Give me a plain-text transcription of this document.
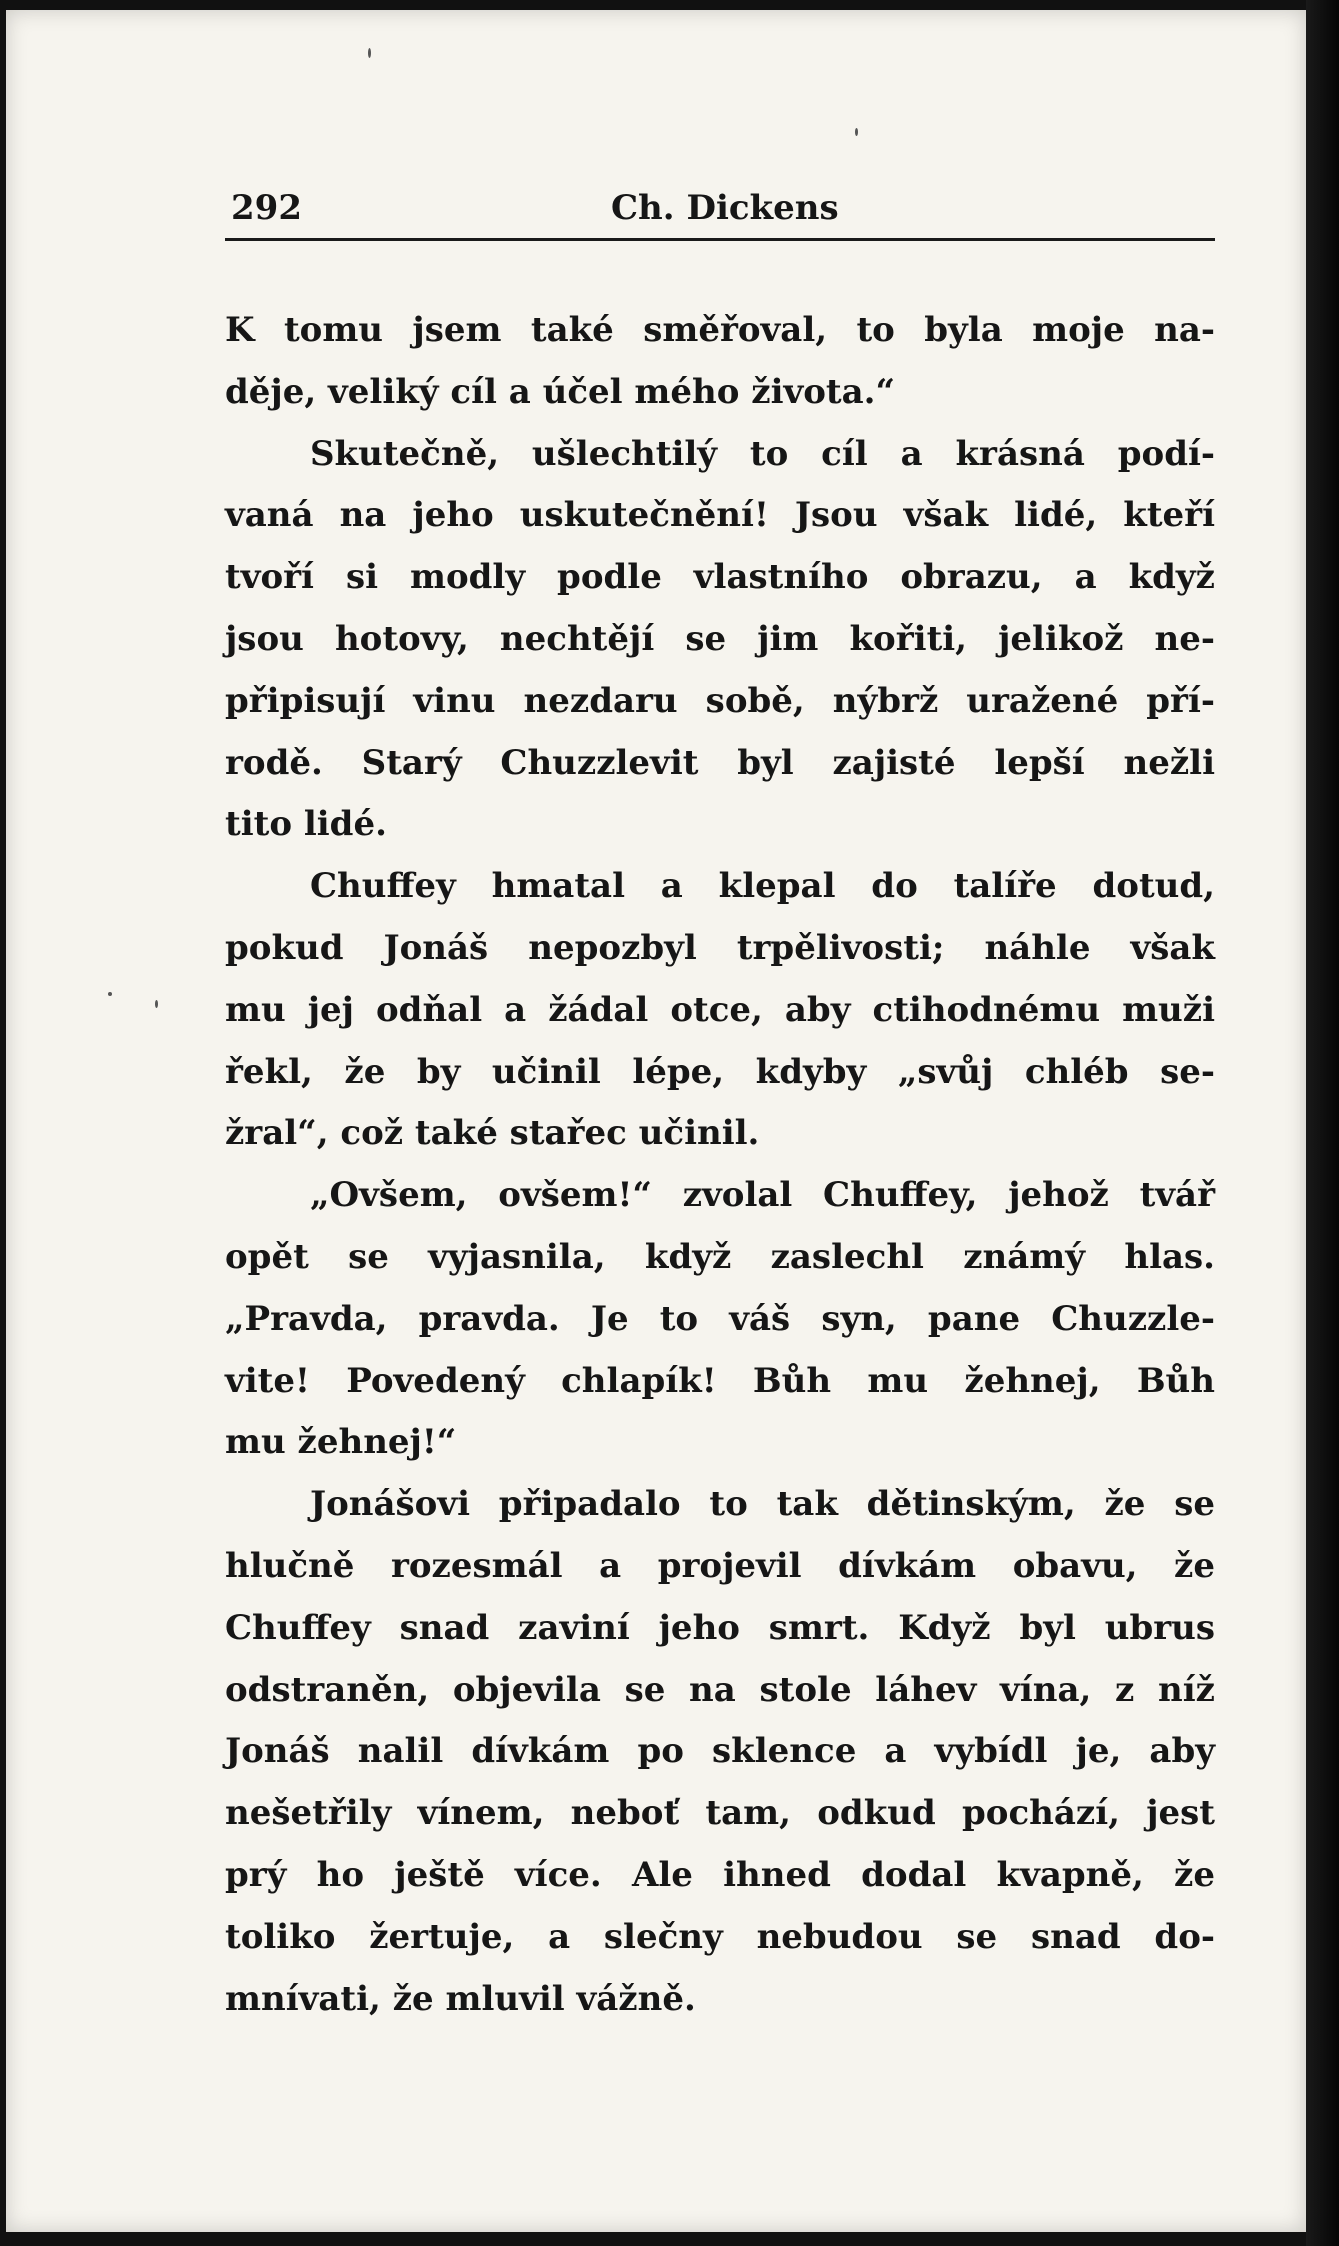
292	Ch. Dickens
K tomu jsem také směřoval, to byla moje na-
děje, veliký cíl a účel mého života.“
Skutečně, ušlechtilý to cíl a krásná podí-
vaná na jeho uskutečnění! Jsou však lidé, kteří
tvoří si modly podle vlastního obrazu, a když
jsou hotovy, nechtějí se jim kořiti, jelikož ne-
připisují vinu nezdaru sobě, nýbrž uražené pří-
rodě. Starý Chuzzlevit byl zajisté lepší nežli
tito lidé.
Chuffey hmatal a klepal do talíře dotud,
pokud Jonáš nepozbyl trpělivosti; náhle však
mu jej odňal a žádal otce, aby ctihodnému muži
řekl, že by učinil lépe, kdyby „svůj chléb se-
žral“, což také stařec učinil.
„Ovšem, ovšem!“ zvolal Chuffey, jehož tvář
opět se vyjasnila, když zaslechl známý hlas.
„Pravda, pravda. Je to váš syn, pane Chuzzle-
vite! Povedený chlapík! Bůh mu žehnej, Bůh
mu žehnej!“
Jonášovi připadalo to tak dětinským, že se
hlučně rozesmál a projevil dívkám obavu, že
Chuffey snad zaviní jeho smrt. Když byl ubrus
odstraněn, objevila se na stole láhev vína, z níž
Jonáš nalil dívkám po sklence a vybídl je, aby
nešetřily vínem, neboť tam, odkud pochází, jest
prý ho ještě více. Ale ihned dodal kvapně, že
toliko žertuje, a slečny nebudou se snad do-
mnívati, že mluvil vážně.
